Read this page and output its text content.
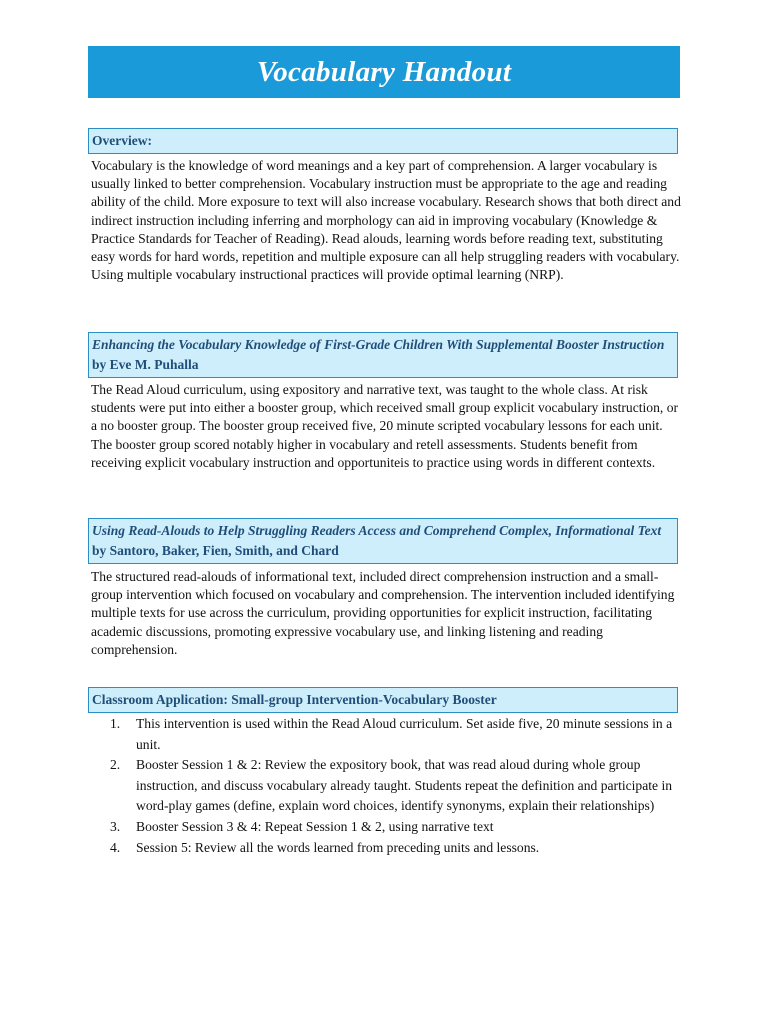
Vocabulary Handout
Overview:

Vocabulary is the knowledge of word meanings and a key part of comprehension. A larger vocabulary is usually linked to better comprehension. Vocabulary instruction must be appropriate to the age and reading ability of the child. More exposure to text will also increase vocabulary. Research shows that both direct and indirect instruction including inferring and morphology can aid in improving vocabulary (Knowledge & Practice Standards for Teacher of Reading). Read alouds, learning words before reading text, substituting easy words for hard words, repetition and multiple exposure can all help struggling readers with vocabulary. Using multiple vocabulary instructional practices will provide optimal learning (NRP).

Enhancing the Vocabulary Knowledge of First-Grade Children With Supplemental Booster Instruction by Eve M. Puhalla

The Read Aloud curriculum, using expository and narrative text, was taught to the whole class. At risk students were put into either a booster group, which received small group explicit vocabulary instruction, or a no booster group. The booster group received five, 20 minute scripted vocabulary lessons for each unit. The booster group scored notably higher in vocabulary and retell assessments. Students benefit from receiving explicit vocabulary instruction and opportuniteis to practice using words in different contexts.

Using Read-Alouds to Help Struggling Readers Access and Comprehend Complex, Informational Text by Santoro, Baker, Fien, Smith, and Chard

The structured read-alouds of informational text, included direct comprehension instruction and a small-group intervention which focused on vocabulary and comprehension. The intervention included identifying multiple texts for use across the curriculum, providing opportunities for explicit instruction, facilitating academic discussions, promoting expressive vocabulary use, and linking listening and reading comprehension.

Classroom Application: Small-group Intervention-Vocabulary Booster
1. This intervention is used within the Read Aloud curriculum. Set aside five, 20 minute sessions in a unit.
2. Booster Session 1 & 2: Review the expository book, that was read aloud during whole group instruction, and discuss vocabulary already taught. Students repeat the definition and participate in word-play games (define, explain word choices, identify synonyms, explain their relationships)
3. Booster Session 3 & 4: Repeat Session 1 & 2, using narrative text
4. Session 5: Review all the words learned from preceding units and lessons.
